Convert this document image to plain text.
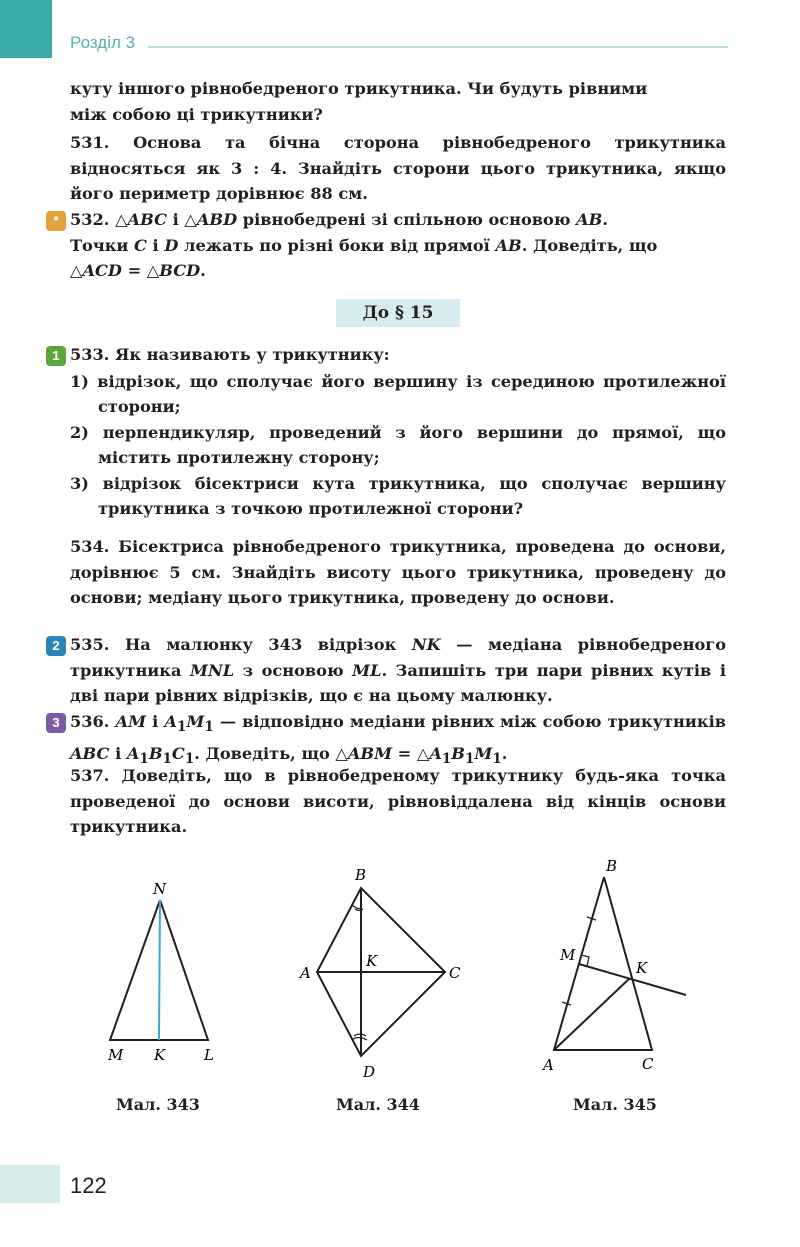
Розділ 3
куту іншого рівнобедреного трикутника. Чи будуть рівними
між собою ці трикутники?
531. Основа та бічна сторона рівнобедреного трикутника відносяться як 3 : 4. Знайдіть сторони цього трикутника, якщо його периметр дорівнює 88 см.
* 532. △ABC і △ABD рівнобедрені зі спільною основою AB.
Точки C і D лежать по різні боки від прямої AB. Доведіть, що
△ACD = △BCD.
До § 15
1 533. Як називають у трикутнику:
1) відрізок, що сполучає його вершину із серединою протилежної сторони;
2) перпендикуляр, проведений з його вершини до прямої, що містить протилежну сторону;
3) відрізок бісектриси кута трикутника, що сполучає вершину трикутника з точкою протилежної сторони?
534. Бісектриса рівнобедреного трикутника, проведена до основи, дорівнює 5 см. Знайдіть висоту цього трикутника, проведену до основи; медіану цього трикутника, проведену до основи.
2 535. На малюнку 343 відрізок NK — медіана рівнобедреного трикутника MNL з основою ML. Запишіть три пари рівних кутів і дві пари рівних відрізків, що є на цьому малюнку.
3 536. AM і $A_1M_1$ — відповідно медіани рівних між собою трикутників ABC і $A_1B_1C_1$. Доведіть, що △ABM = $\triangle A_1B_1M_1$.
537. Доведіть, що в рівнобедреному трикутнику будь-яка точка проведеної до основи висоти, рівновіддалена від кінців основи трикутника.
N
M K	L
Мал. 343
B
A
K
C
D
Мал. 344
B
M
K
A	C
Мал. 345
122
